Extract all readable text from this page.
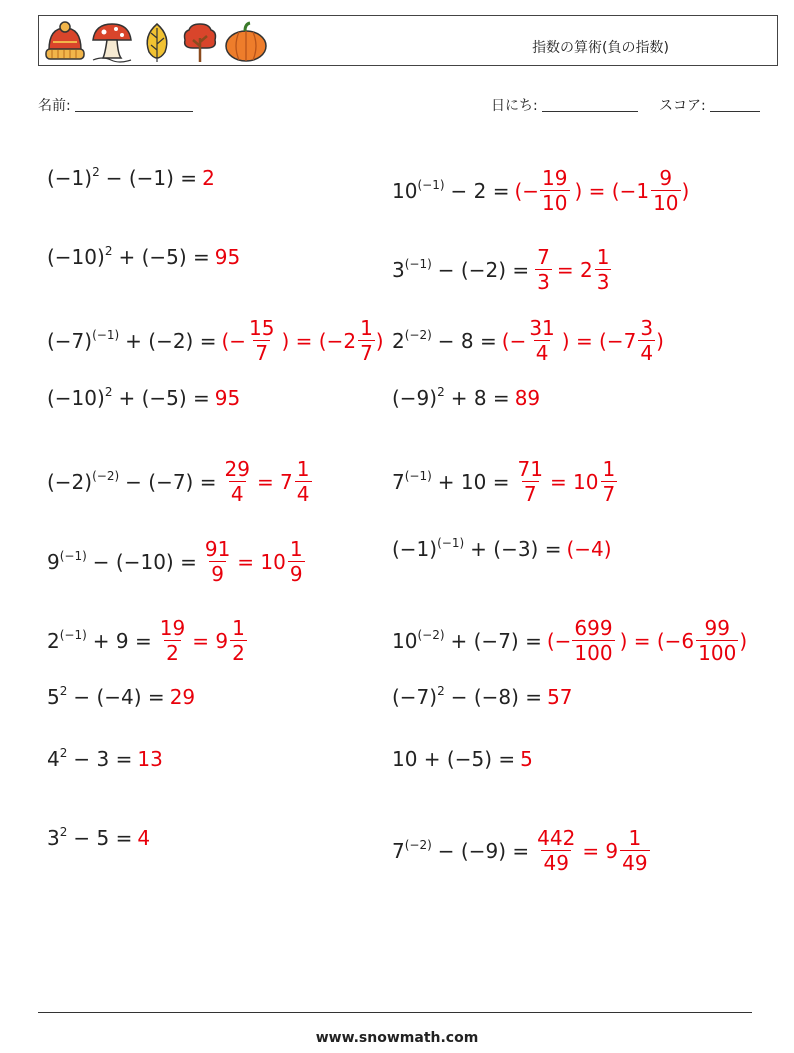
指数の算術(負の指数)
名前:	日にち:	スコア:
$(-1)^2 - (-1) = 2$
$(-10)^2 + (-5) = 95$
$(-7)^{(-1)} + (-2)$ = (− $\frac{15}{7}$ ) = ($-2 \frac{1}{7}$ )
$(-10)^2 + (-5) = 95$
$(-2)^{(-2)} - (-7) = \frac{29}{4} = 7 \frac{1}{4}$
$9^{(-1)} - (-10) = \frac{91}{9} = 10 \frac{1}{9}$
$2^{(-1)} + 9 = \frac{19}{2} = 9 \frac{1}{2}$
$5^2 - (-4) = 29$
$4^2 - 3 = 13$
$3^2 - 5 = 4$
$10^{(-1)} - 2$ = (− $\frac{19}{10}$ ) = ($-1 \frac{9}{10}$ )
$3^{(-1)} - (-2) = \frac{7}{3} = 2 \frac{1}{3}$
$2^{(-2)} - 8$ = (− $\frac{31}{4}$ ) = ($-7 \frac{3}{4}$ )
$(-9)^2 + 8 = 89$
$7^{(-1)} + 10 = \frac{71}{7} = 10 \frac{1}{7}$
$(-1)^{(-1)} + (-3) = (-4)$
$10^{(-2)} + (-7)$ = (− $\frac{699}{100}$ ) = ($-6 \frac{99}{100}$ )
$(-7)^2 - (-8) = 57$
10 + (−5) = 5
$7^{(-2)} - (-9) = \frac{442}{49} = 9 \frac{1}{49}$
www.snowmath.com
